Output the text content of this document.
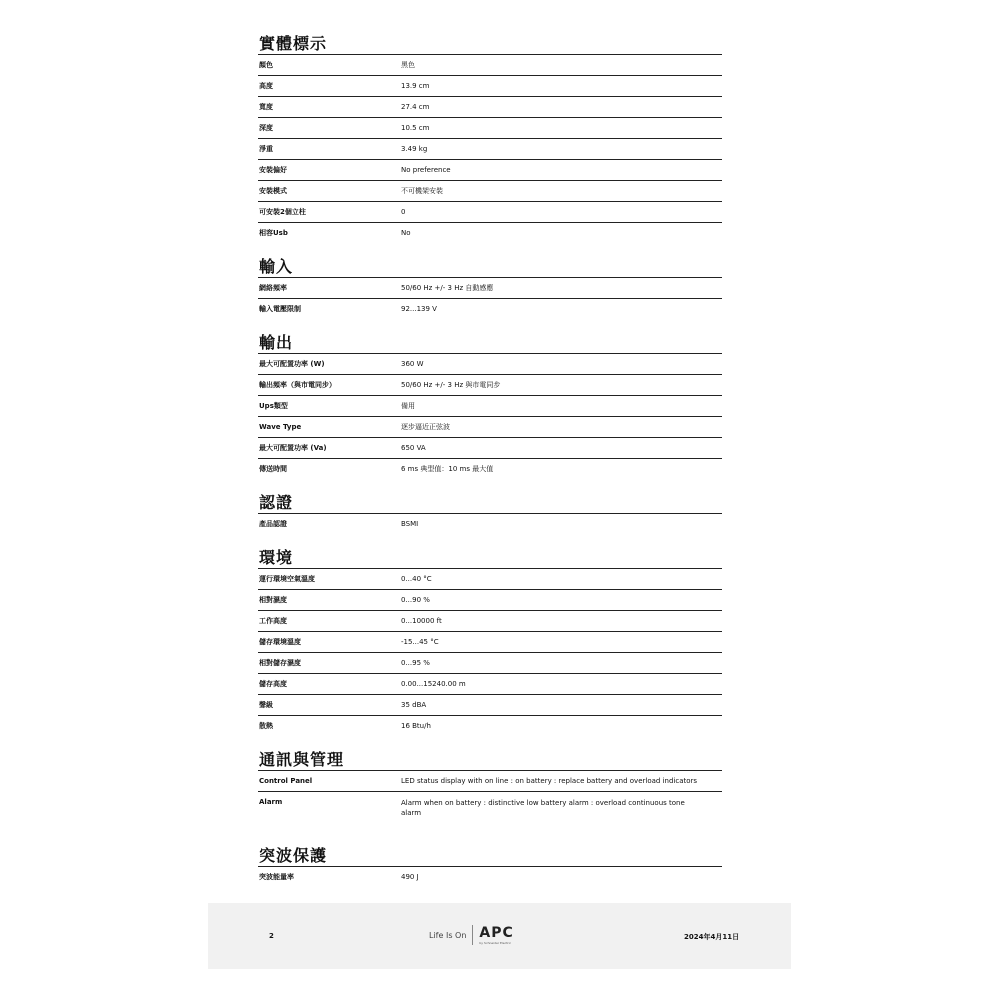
實體標示
顏色	黑色
高度	13.9 cm
寬度	27.4 cm
深度	10.5 cm
淨重	3.49 kg
安裝偏好	No preference
安裝模式	不可機架安裝
可安裝2個立柱	0
相容Usb	No
輸入
網絡頻率	50/60 Hz +/- 3 Hz 自動感應
輸入電壓限制	92...139 V
輸出
最大可配置功率 (W)	360 W
輸出頻率（與市電同步）	50/60 Hz +/- 3 Hz 與市電同步
Ups類型	備用
Wave Type	逐步逼近正弦波
最大可配置功率 (Va)	650 VA
傳送時間	6 ms 典型值：10 ms 最大值
認證
產品認證	BSMI
環境
運行環境空氣溫度	0...40 °C
相對濕度	0...90 %
工作高度	0...10000 ft
儲存環境溫度	-15...45 °C
相對儲存濕度	0...95 %
儲存高度	0.00...15240.00 m
聲級	35 dBA
散熱	16 Btu/h
通訊與管理
Control Panel	LED status display with on line : on battery : replace battery and overload indicators
Alarm	Alarm when on battery : distinctive low battery alarm : overload continuous tone alarm
突波保護
突波能量率	490 J
2	Life Is On APC
by Schneider Electric
2024年4月11日
